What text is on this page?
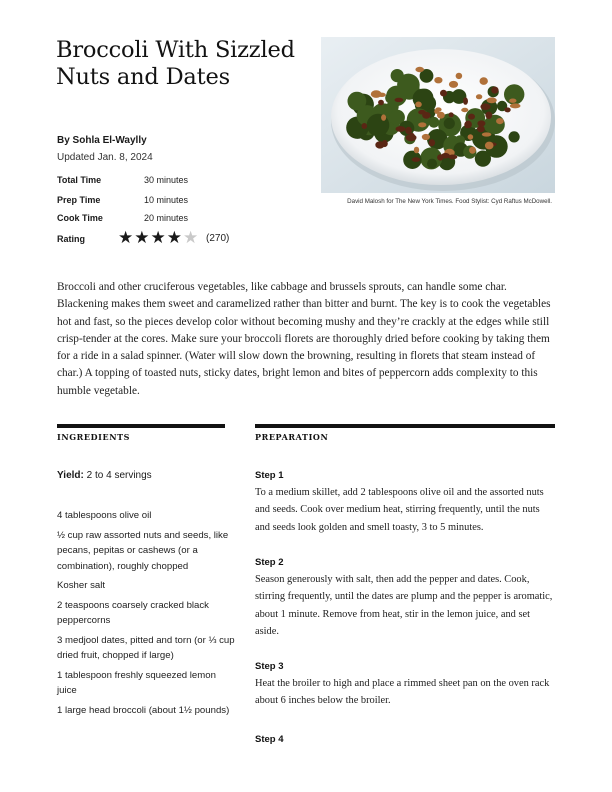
Broccoli With Sizzled Nuts and Dates
By Sohla El-Waylly
Updated Jan. 8, 2024
Total Time	30 minutes
Prep Time	10 minutes
Cook Time	20 minutes
Rating ★ ★ ★ ★ ★ (270)
David Malosh for The New York Times. Food Stylist: Cyd Raftus McDowell.
Broccoli and other cruciferous vegetables, like cabbage and brussels sprouts, can handle some char. Blackening makes them sweet and caramelized rather than bitter and burnt. The key is to cook the vegetables hot and fast, so the pieces develop color without becoming mushy and they’re crackly at the edges while still crisp-tender at the cores. Make sure your broccoli florets are thoroughly dried before cooking by taking them for a ride in a salad spinner. (Water will slow down the browning, resulting in florets that steam instead of char.) A topping of toasted nuts, sticky dates, bright lemon and bites of peppercorn adds complexity to this humble vegetable.
INGREDIENTS
Yield: 2 to 4 servings
4 tablespoons olive oil
½ cup raw assorted nuts and seeds, like pecans, pepitas or cashews (or a combination), roughly chopped
Kosher salt
2 teaspoons coarsely cracked black peppercorns
3 medjool dates, pitted and torn (or ⅓ cup dried fruit, chopped if large)
1 tablespoon freshly squeezed lemon juice
1 large head broccoli (about 1½ pounds)
PREPARATION
Step 1
To a medium skillet, add 2 tablespoons olive oil and the assorted nuts and seeds. Cook over medium heat, stirring frequently, until the nuts and seeds look golden and smell toasty, 3 to 5 minutes.
Step 2
Season generously with salt, then add the pepper and dates. Cook, stirring frequently, until the dates are plump and the pepper is aromatic, about 1 minute. Remove from heat, stir in the lemon juice, and set aside.
Step 3
Heat the broiler to high and place a rimmed sheet pan on the oven rack about 6 inches below the broiler.
Step 4
